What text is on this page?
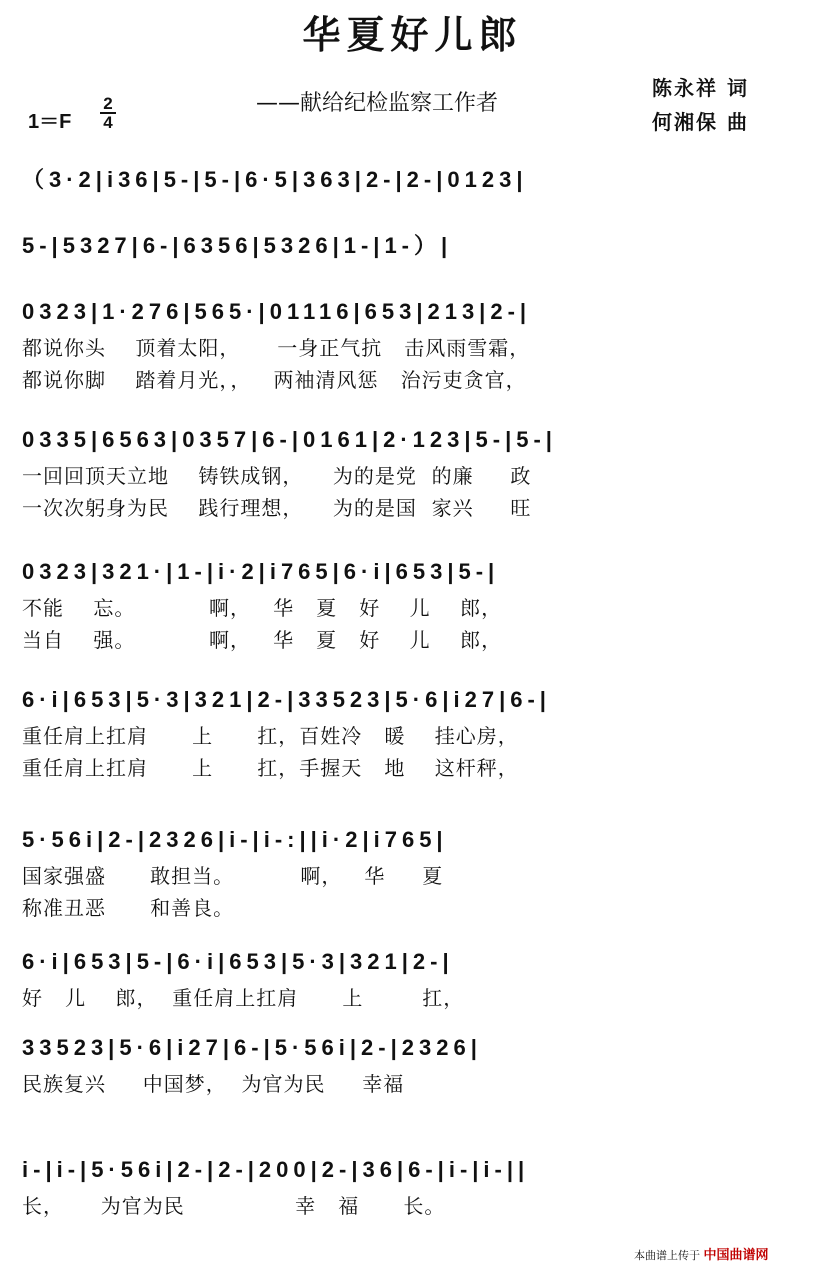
华夏好儿郎
——献给纪检监察工作者
陈永祥 词
何湘保 曲
1＝F
2
4
（3·2|i36|5-|5-|6·5|363|2-|2-|0123|
5-|5327|6-|6356|5326|1-|1-）|
0323|1·276|565·|01116|653|213|2-|
都说你头    顶着太阳，     一身正气抗   击风雨雪霜，
都说你脚    踏着月光，，   两袖清风惩   治污吏贪官，
0335|6563|0357|6-|0161|2·123|5-|5-|
一回回顶天立地    铸铁成钢，    为的是党  的廉     政
一次次躬身为民    践行理想，    为的是国  家兴     旺
0323|321·|1-|i·2|i765|6·i|653|5-|
不能    忘。          啊，   华   夏   好    儿    郎，
当自    强。          啊，   华   夏   好    儿    郎，
6·i|653|5·3|321|2-|33523|5·6|i27|6-|
重任肩上扛肩      上      扛，百姓冷   暖    挂心房，
重任肩上扛肩      上      扛，手握天   地    这杆秤，
5·56i|2-|2326|i-|i-:||i·2|i765|
国家强盛      敢担当。         啊，   华     夏
称准丑恶      和善良。
6·i|653|5-|6·i|653|5·3|321|2-|
好   儿    郎，  重任肩上扛肩      上        扛，
33523|5·6|i27|6-|5·56i|2-|2326|
民族复兴     中国梦，  为官为民     幸福
i-|i-|5·56i|2-|2-|200|2-|36|6-|i-|i-||
长，     为官为民               幸   福      长。
本曲谱上传于 中国曲谱网
